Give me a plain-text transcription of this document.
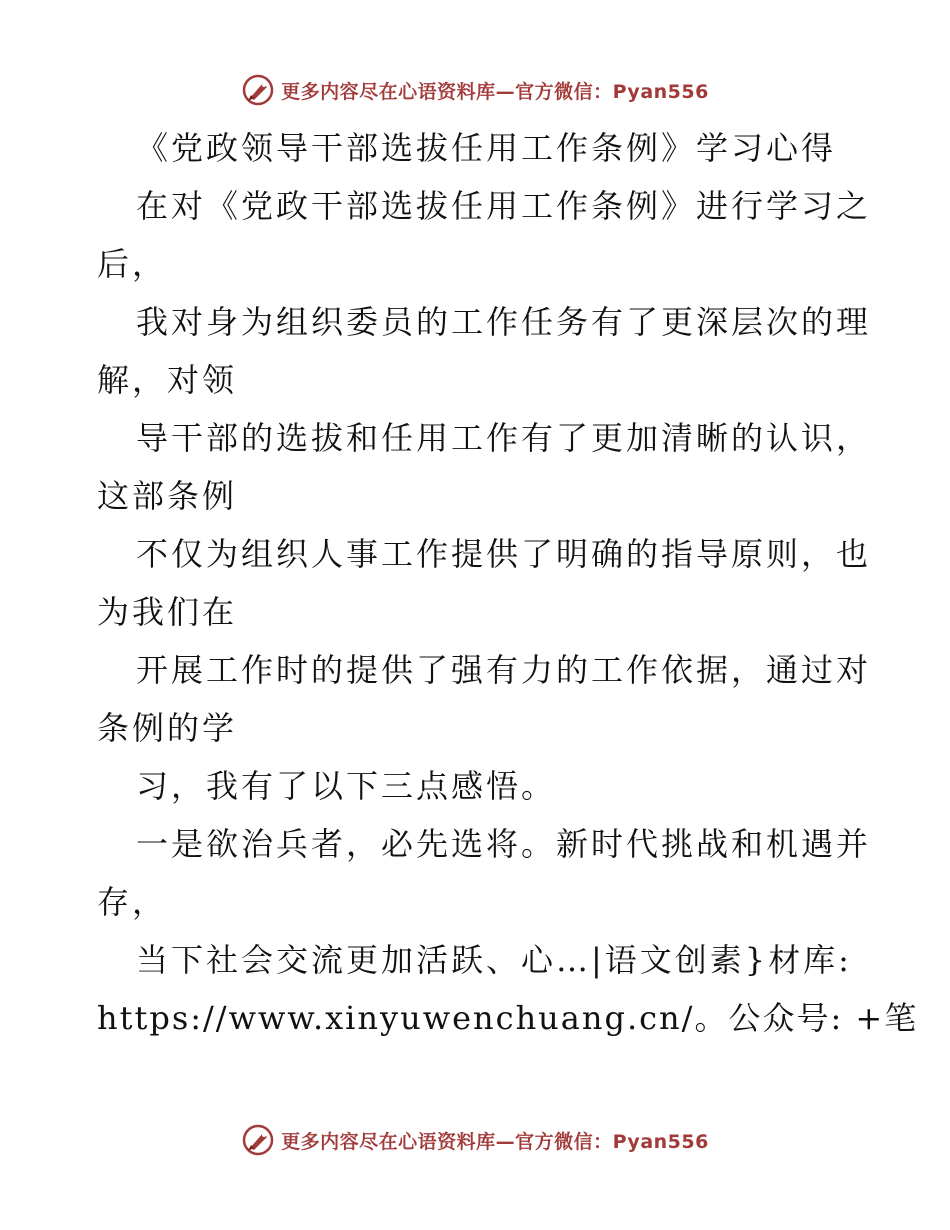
更多内容尽在心语资料库—官方微信：Pyan556
《党政领导干部选拔任用工作条例》学习心得
在对《党政干部选拔任用工作条例》进行学习之
后，
我对身为组织委员的工作任务有了更深层次的理
解，对领
导干部的选拔和任用工作有了更加清晰的认识，
这部条例
不仅为组织人事工作提供了明确的指导原则，也
为我们在
开展工作时的提供了强有力的工作依据，通过对
条例的学
习，我有了以下三点感悟。
一是欲治兵者，必先选将。新时代挑战和机遇并
存，
当下社会交流更加活跃、心…|语文创素}材库:
https://www.xinyuwenchuang.cn/。公众号: +笔
更多内容尽在心语资料库—官方微信：Pyan556
